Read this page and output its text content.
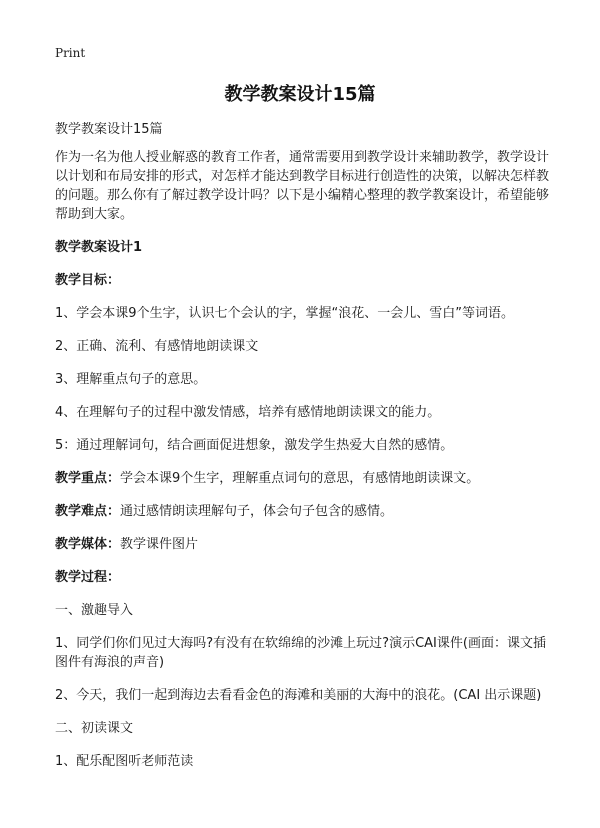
Print
教学教案设计15篇
教学教案设计15篇
作为一名为他人授业解惑的教育工作者，通常需要用到教学设计来辅助教学，教学设计以计划和布局安排的形式，对怎样才能达到教学目标进行创造性的决策，以解决怎样教的问题。那么你有了解过教学设计吗？以下是小编精心整理的教学教案设计，希望能够帮助到大家。
教学教案设计1
教学目标：
1、学会本课9个生字，认识七个会认的字，掌握“浪花、一会儿、雪白”等词语。
2、正确、流利、有感情地朗读课文
3、理解重点句子的意思。
4、在理解句子的过程中激发情感，培养有感情地朗读课文的能力。
5：通过理解词句，结合画面促进想象，激发学生热爱大自然的感情。
教学重点：学会本课9个生字，理解重点词句的意思，有感情地朗读课文。
教学难点：通过感情朗读理解句子，体会句子包含的感情。
教学媒体：教学课件图片
教学过程：
一、激趣导入
1、同学们你们见过大海吗?有没有在软绵绵的沙滩上玩过?演示CAI课件(画面：课文插图件有海浪的声音)
2、今天，我们一起到海边去看看金色的海滩和美丽的大海中的浪花。(CAI 出示课题)
二、初读课文
1、配乐配图听老师范读
